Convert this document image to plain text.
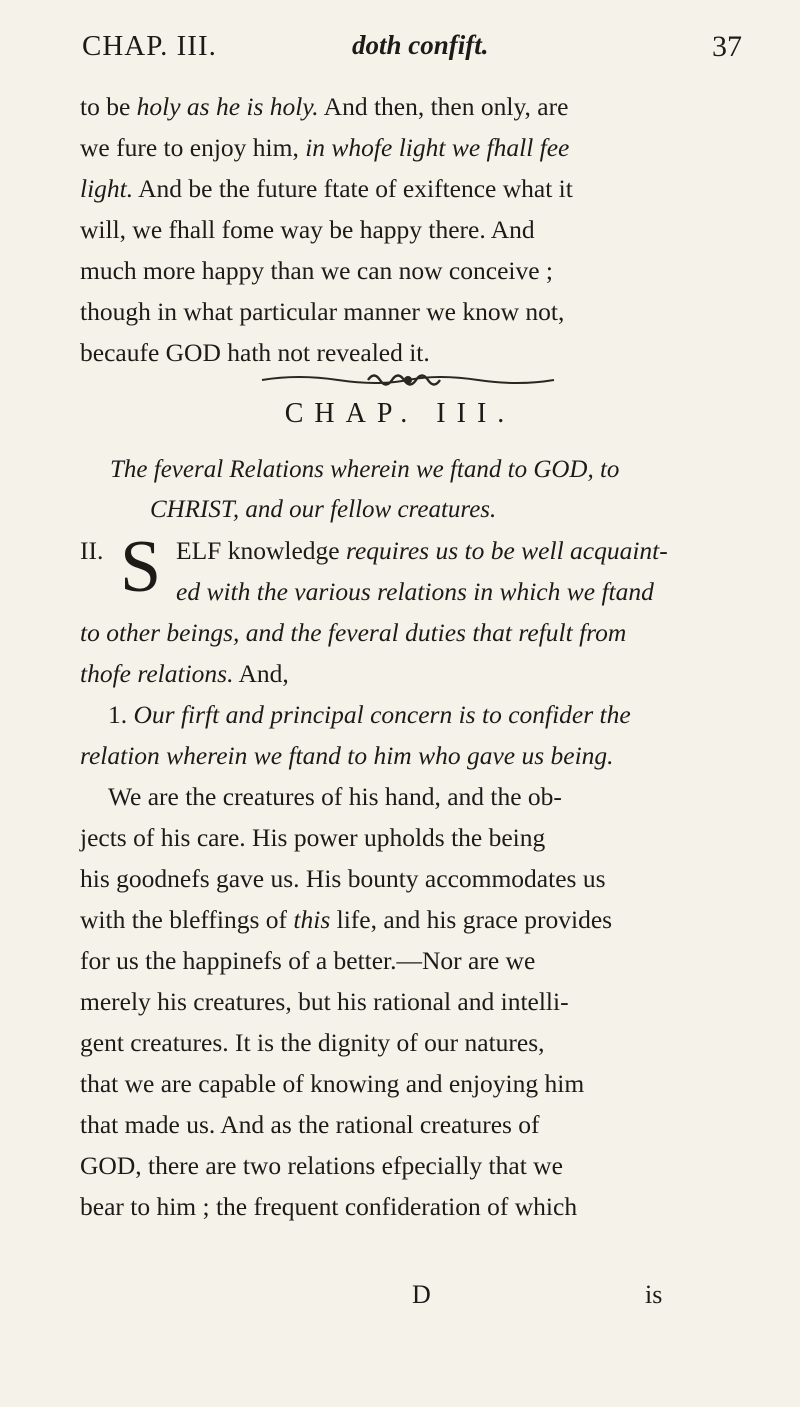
CHAP. III.	doth confift.	37
to be holy as he is holy. And then, then only, are
we fure to enjoy him, in whofe light we fhall fee
light. And be the future ftate of exiftence what it
will, we fhall fome way be happy there. And
much more happy than we can now conceive ;
though in what particular manner we know not,
becaufe GOD hath not revealed it.
CHAP. III.
The feveral Relations wherein we ftand to GOD, to
CHRIST, and our fellow creatures.
II.	ELF knowledge requires us to be well acquaint-
ed with the various relations in which we ftand
to other beings, and the feveral duties that refult from
thofe relations. And,
S
1. Our firft and principal concern is to confider the
relation wherein we ftand to him who gave us being.
We are the creatures of his hand, and the ob-
jects of his care. His power upholds the being
his goodnefs gave us. His bounty accommodates us
with the bleffings of this life, and his grace provides
for us the happinefs of a better.—Nor are we
merely his creatures, but his rational and intelli-
gent creatures. It is the dignity of our natures,
that we are capable of knowing and enjoying him
that made us. And as the rational creatures of
GOD, there are two relations efpecially that we
bear to him ; the frequent confideration of which
D	is
